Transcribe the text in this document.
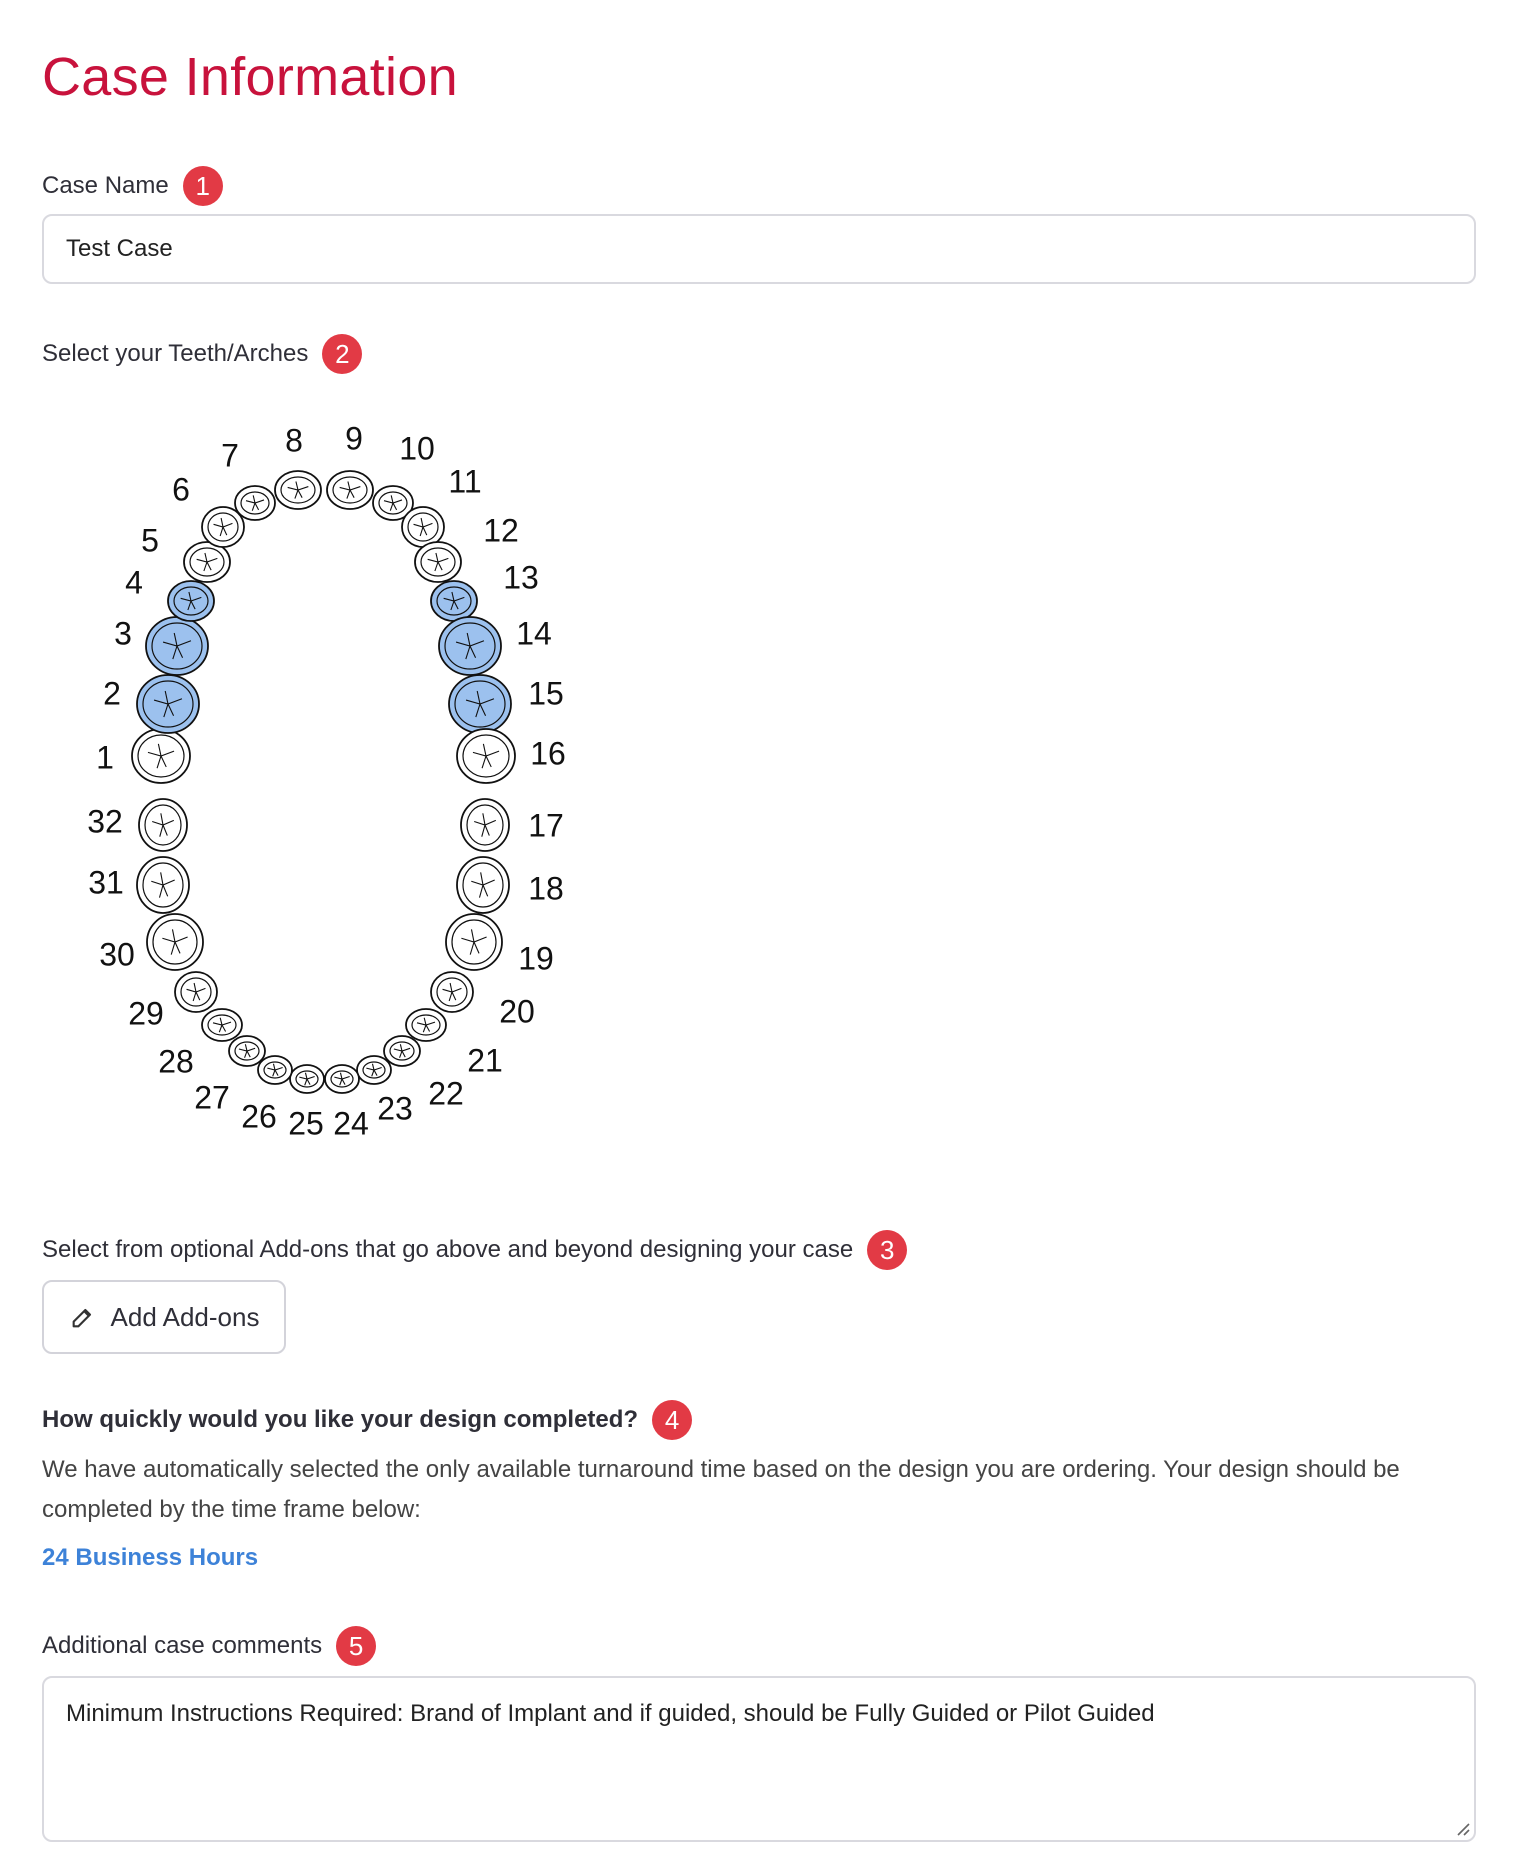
Case Information
Case Name	1
Test Case
Select your Teeth/Arches	2
1
2
3
4
5
6
7 8 9 10
11
12
13
14
15
16
17
18
19
20
21
22
23
24
25
26
27
28
29
30
31
32
Select from optional Add-ons that go above and beyond designing your case	3
Add Add-ons
How quickly would you like your design completed?	4
We have automatically selected the only available turnaround time based on the design you are ordering. Your design should be completed by the time frame below:
24 Business Hours
Additional case comments	5
Minimum Instructions Required: Brand of Implant and if guided, should be Fully Guided or Pilot Guided
